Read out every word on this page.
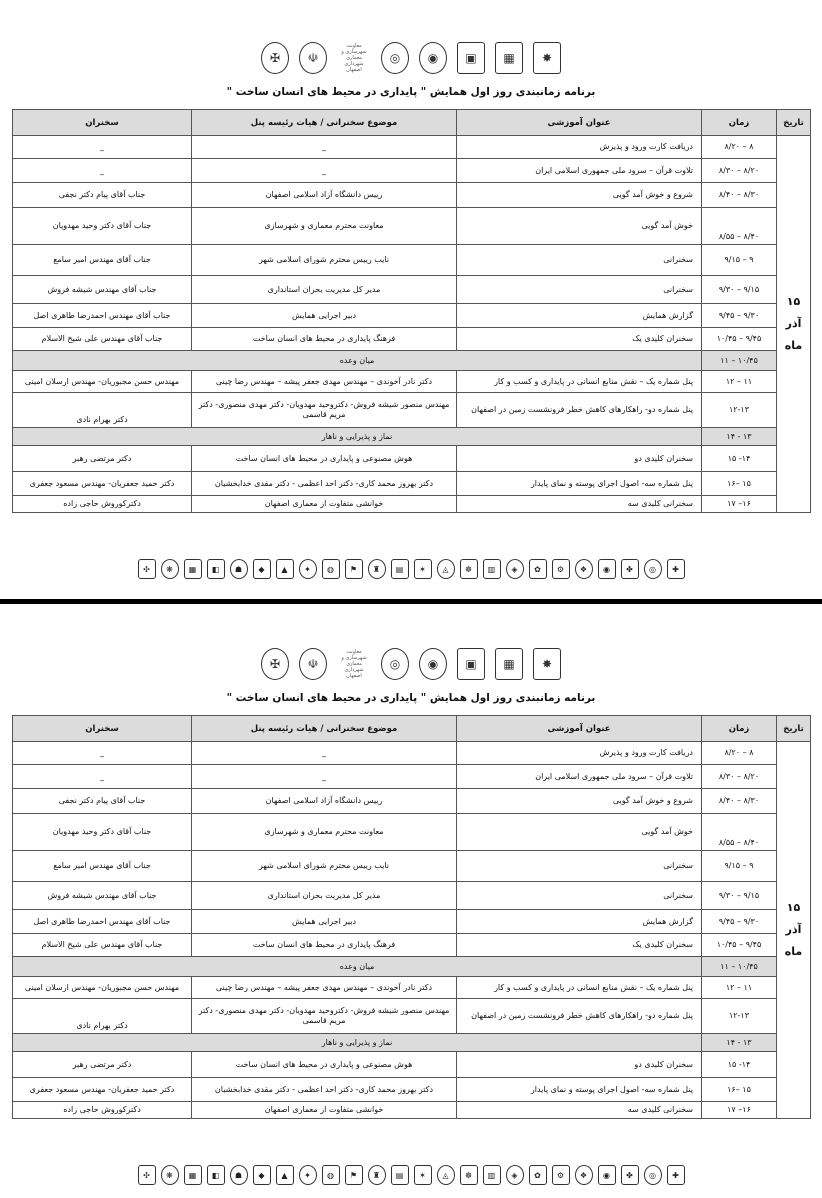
✠	☫
معاونت شهرسازی و معماری شهرداری اصفهان
◎	◉	▣	▦	✸
برنامه زمانبندی روز اول همایش " پایداری در محیط های انسان ساخت "
تاریخ	زمان	عنوان آموزشی	موضوع سخنرانی / هیات رئیسه پنل	سخنران

۱۵
آذر
ماه	۸ – ۸/۲۰	دریافت کارت ورود و پذیرش	_	_
	۸/۲۰ – ۸/۳۰	تلاوت قرآن – سرود ملی جمهوری اسلامی ایران	_	_
	۸/۳۰ – ۸/۴۰	شروع و خوش آمد گویی	رییس دانشگاه آزاد اسلامی اصفهان	جناب آقای پیام دکتر نجفی
	۸/۴۰ – ۸/۵۵	خوش آمد گویی	معاونت محترم معماری و شهرسازی	جناب آقای دکتر وحید مهدویان
	۹ – ۹/۱۵	سخنرانی	نایب رییس محترم شورای اسلامی شهر	جناب آقای مهندس امیر سامع
	۹/۱۵ – ۹/۳۰	سخنرانی	مدیر کل مدیریت بحران استانداری	جناب آقای مهندس شیشه فروش
	۹/۳۰ – ۹/۴۵	گزارش همایش	دبیر اجرایی همایش	جناب آقای مهندس احمدرضا طاهری اصل
	۹/۴۵ – ۱۰/۴۵	سخنران کلیدی یک	فرهنگ پایداری در محیط های انسان ساخت	جناب آقای مهندس علی شیخ الاسلام
	۱۰/۴۵ – ۱۱	میان وعده		
	۱۱ – ۱۲	پنل شماره یک – نقش منابع انسانی در پایداری و کسب و کار	دکتر نادر آخوندی – مهندس مهدی جعفر پیشه – مهندس رضا چینی	مهندس حسن مجبوریان- مهندس ارسلان امینی
	۱۲-۱۳	پنل شماره دو- راهکارهای کاهش خطر فرونشست زمین در اصفهان	مهندس منصور شیشه فروش- دکتروحید مهدویان- دکتر مهدی منصوری- دکتر مریم قاسمی	دکتر بهرام نادی
	۱۳ - ۱۴	نماز و پذیرایی و ناهار		
	۱۴- ۱۵	سخنران کلیدی دو	هوش مصنوعی و پایداری در محیط های انسان ساخت	دکتر مرتضی رهبر
	۱۵ –۱۶	پنل شماره سه- اصول اجرای پوسته و نمای پایدار	دکتر بهروز محمد کاری- دکتر احد اعظمی - دکتر مقدی خدابخشیان	دکتر حمید جعفریان- مهندس مسعود جعفری
	۱۶– ۱۷	سخنرانی کلیدی سه	خوانشی متفاوت از معماری اصفهان	دکترکوروش حاجی زاده
✣	❋	▦	◧	☗	◆	▲	✦	◍	⚑	♜	▤	✶	◬	☸	▥	◈	✿	⚙	❖	◉	✤	◎	✚
✠	☫
معاونت شهرسازی و معماری شهرداری اصفهان
◎	◉	▣	▦	✸
برنامه زمانبندی روز اول همایش " پایداری در محیط های انسان ساخت "
تاریخ	زمان	عنوان آموزشی	موضوع سخنرانی / هیات رئیسه پنل	سخنران

۱۵
آذر
ماه	۸ – ۸/۲۰	دریافت کارت ورود و پذیرش	_	_
	۸/۲۰ – ۸/۳۰	تلاوت قرآن – سرود ملی جمهوری اسلامی ایران	_	_
	۸/۳۰ – ۸/۴۰	شروع و خوش آمد گویی	رییس دانشگاه آزاد اسلامی اصفهان	جناب آقای پیام دکتر نجفی
	۸/۴۰ – ۸/۵۵	خوش آمد گویی	معاونت محترم معماری و شهرسازی	جناب آقای دکتر وحید مهدویان
	۹ – ۹/۱۵	سخنرانی	نایب رییس محترم شورای اسلامی شهر	جناب آقای مهندس امیر سامع
	۹/۱۵ – ۹/۳۰	سخنرانی	مدیر کل مدیریت بحران استانداری	جناب آقای مهندس شیشه فروش
	۹/۳۰ – ۹/۴۵	گزارش همایش	دبیر اجرایی همایش	جناب آقای مهندس احمدرضا طاهری اصل
	۹/۴۵ – ۱۰/۴۵	سخنران کلیدی یک	فرهنگ پایداری در محیط های انسان ساخت	جناب آقای مهندس علی شیخ الاسلام
	۱۰/۴۵ – ۱۱	میان وعده		
	۱۱ – ۱۲	پنل شماره یک – نقش منابع انسانی در پایداری و کسب و کار	دکتر نادر آخوندی – مهندس مهدی جعفر پیشه – مهندس رضا چینی	مهندس حسن مجبوریان- مهندس ارسلان امینی
	۱۲-۱۳	پنل شماره دو- راهکارهای کاهش خطر فرونشست زمین در اصفهان	مهندس منصور شیشه فروش- دکتروحید مهدویان- دکتر مهدی منصوری- دکتر مریم قاسمی	دکتر بهرام نادی
	۱۳ - ۱۴	نماز و پذیرایی و ناهار		
	۱۴- ۱۵	سخنران کلیدی دو	هوش مصنوعی و پایداری در محیط های انسان ساخت	دکتر مرتضی رهبر
	۱۵ –۱۶	پنل شماره سه- اصول اجرای پوسته و نمای پایدار	دکتر بهروز محمد کاری- دکتر احد اعظمی - دکتر مقدی خدابخشیان	دکتر حمید جعفریان- مهندس مسعود جعفری
	۱۶– ۱۷	سخنرانی کلیدی سه	خوانشی متفاوت از معماری اصفهان	دکترکوروش حاجی زاده
✣	❋	▦	◧	☗	◆	▲	✦	◍	⚑	♜	▤	✶	◬	☸	▥	◈	✿	⚙	❖	◉	✤	◎	✚
